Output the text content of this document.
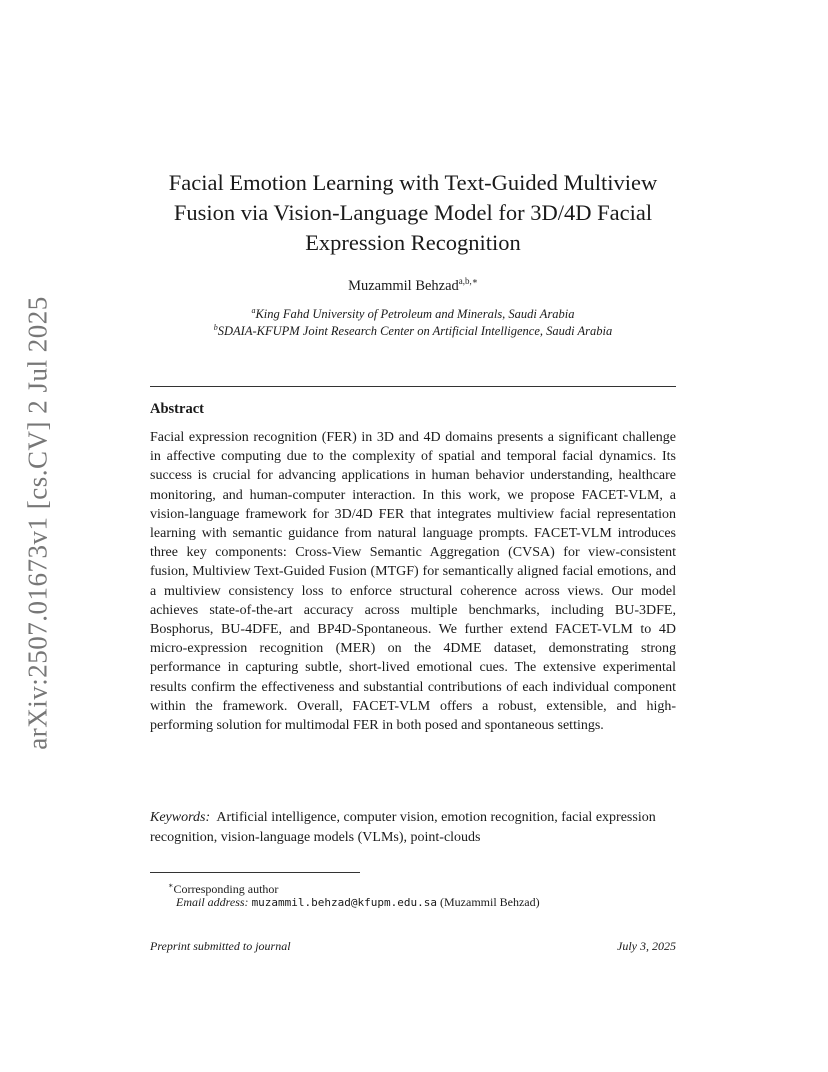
arXiv:2507.01673v1 [cs.CV] 2 Jul 2025
Facial Emotion Learning with Text-Guided Multiview
Fusion via Vision-Language Model for 3D/4D Facial
Expression Recognition
Muzammil Behzad$^{a,b,∗}$
$^a$King Fahd University of Petroleum and Minerals, Saudi Arabia
$^b$SDAIA-KFUPM Joint Research Center on Artificial Intelligence, Saudi Arabia
Abstract

Facial expression recognition (FER) in 3D and 4D domains presents a significant challenge in affective computing due to the complexity of spatial and temporal facial dynamics. Its success is crucial for advancing applications in human behavior understanding, healthcare monitoring, and human-computer interaction. In this work, we propose FACET-VLM, a vision-language framework for 3D/4D FER that integrates multiview facial representation learning with semantic guidance from natural language prompts. FACET-VLM introduces three key components: Cross-View Semantic Aggregation (CVSA) for view-consistent fusion, Multiview Text-Guided Fusion (MTGF) for semantically aligned facial emotions, and a multiview consistency loss to enforce structural coherence across views. Our model achieves state-of-the-art accuracy across multiple benchmarks, including BU-3DFE, Bosphorus, BU-4DFE, and BP4D-Spontaneous. We further extend FACET-VLM to 4D micro-expression recognition (MER) on the 4DME dataset, demonstrating strong performance in capturing subtle, short-lived emotional cues. The extensive experimental results confirm the effectiveness and substantial contributions of each individual component within the framework. Overall, FACET-VLM offers a robust, extensible, and high-performing solution for multimodal FER in both posed and spontaneous settings.

Keywords: Artificial intelligence, computer vision, emotion recognition, facial expression recognition, vision-language models (VLMs), point-clouds

∗Corresponding author
Email address: muzammil.behzad@kfupm.edu.sa (Muzammil Behzad)
Preprint submitted to journal	July 3, 2025
